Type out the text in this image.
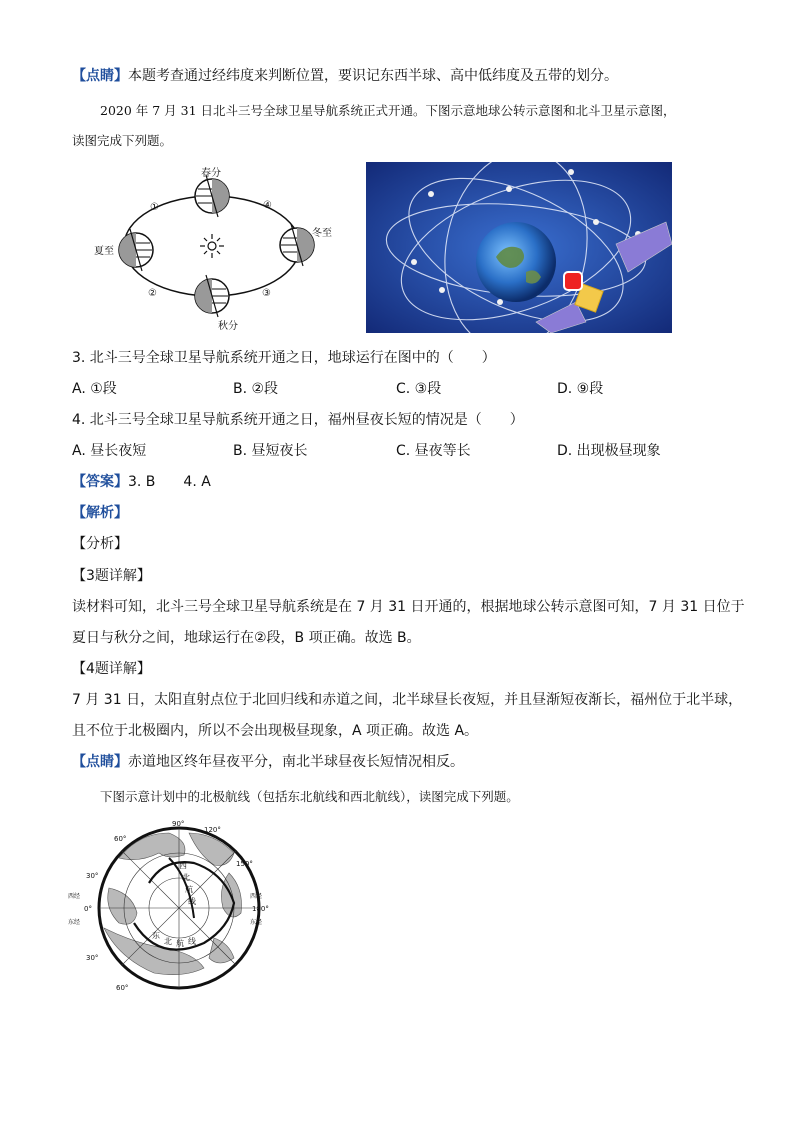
【点睛】本题考查通过经纬度来判断位置，要识记东西半球、高中低纬度及五带的划分。
2020 年 7 月 31 日北斗三号全球卫星导航系统正式开通。下图示意地球公转示意图和北斗卫星示意图，
读图完成下列题。
春分
夏至
冬至
秋分
①
②	③
④
3. 北斗三号全球卫星导航系统开通之日，地球运行在图中的（　　）
A. ①段	B. ②段	C. ③段	D. ⑨段
4. 北斗三号全球卫星导航系统开通之日，福州昼夜长短的情况是（　　）
A. 昼长夜短	B. 昼短夜长	C. 昼夜等长	D. 出现极昼现象
【答案】3. B　　4. A
【解析】
【分析】
【3题详解】
读材料可知，北斗三号全球卫星导航系统是在 7 月 31 日开通的，根据地球公转示意图可知，7 月 31 日位于
夏日与秋分之间，地球运行在②段，B 项正确。故选 B。
【4题详解】
7 月 31 日，太阳直射点位于北回归线和赤道之间，北半球昼长夜短，并且昼渐短夜渐长，福州位于北半球，
且不位于北极圈内，所以不会出现极昼现象，A 项正确。故选 A。
【点睛】赤道地区终年昼夜平分，南北半球昼夜长短情况相反。
下图示意计划中的北极航线（包括东北航线和西北航线），读图完成下列题。
90°
120°
150°
180°
30°
60°
0°
30°
60°
西经
东经
西经
东经
西
北
航
线
东
北 航 线
